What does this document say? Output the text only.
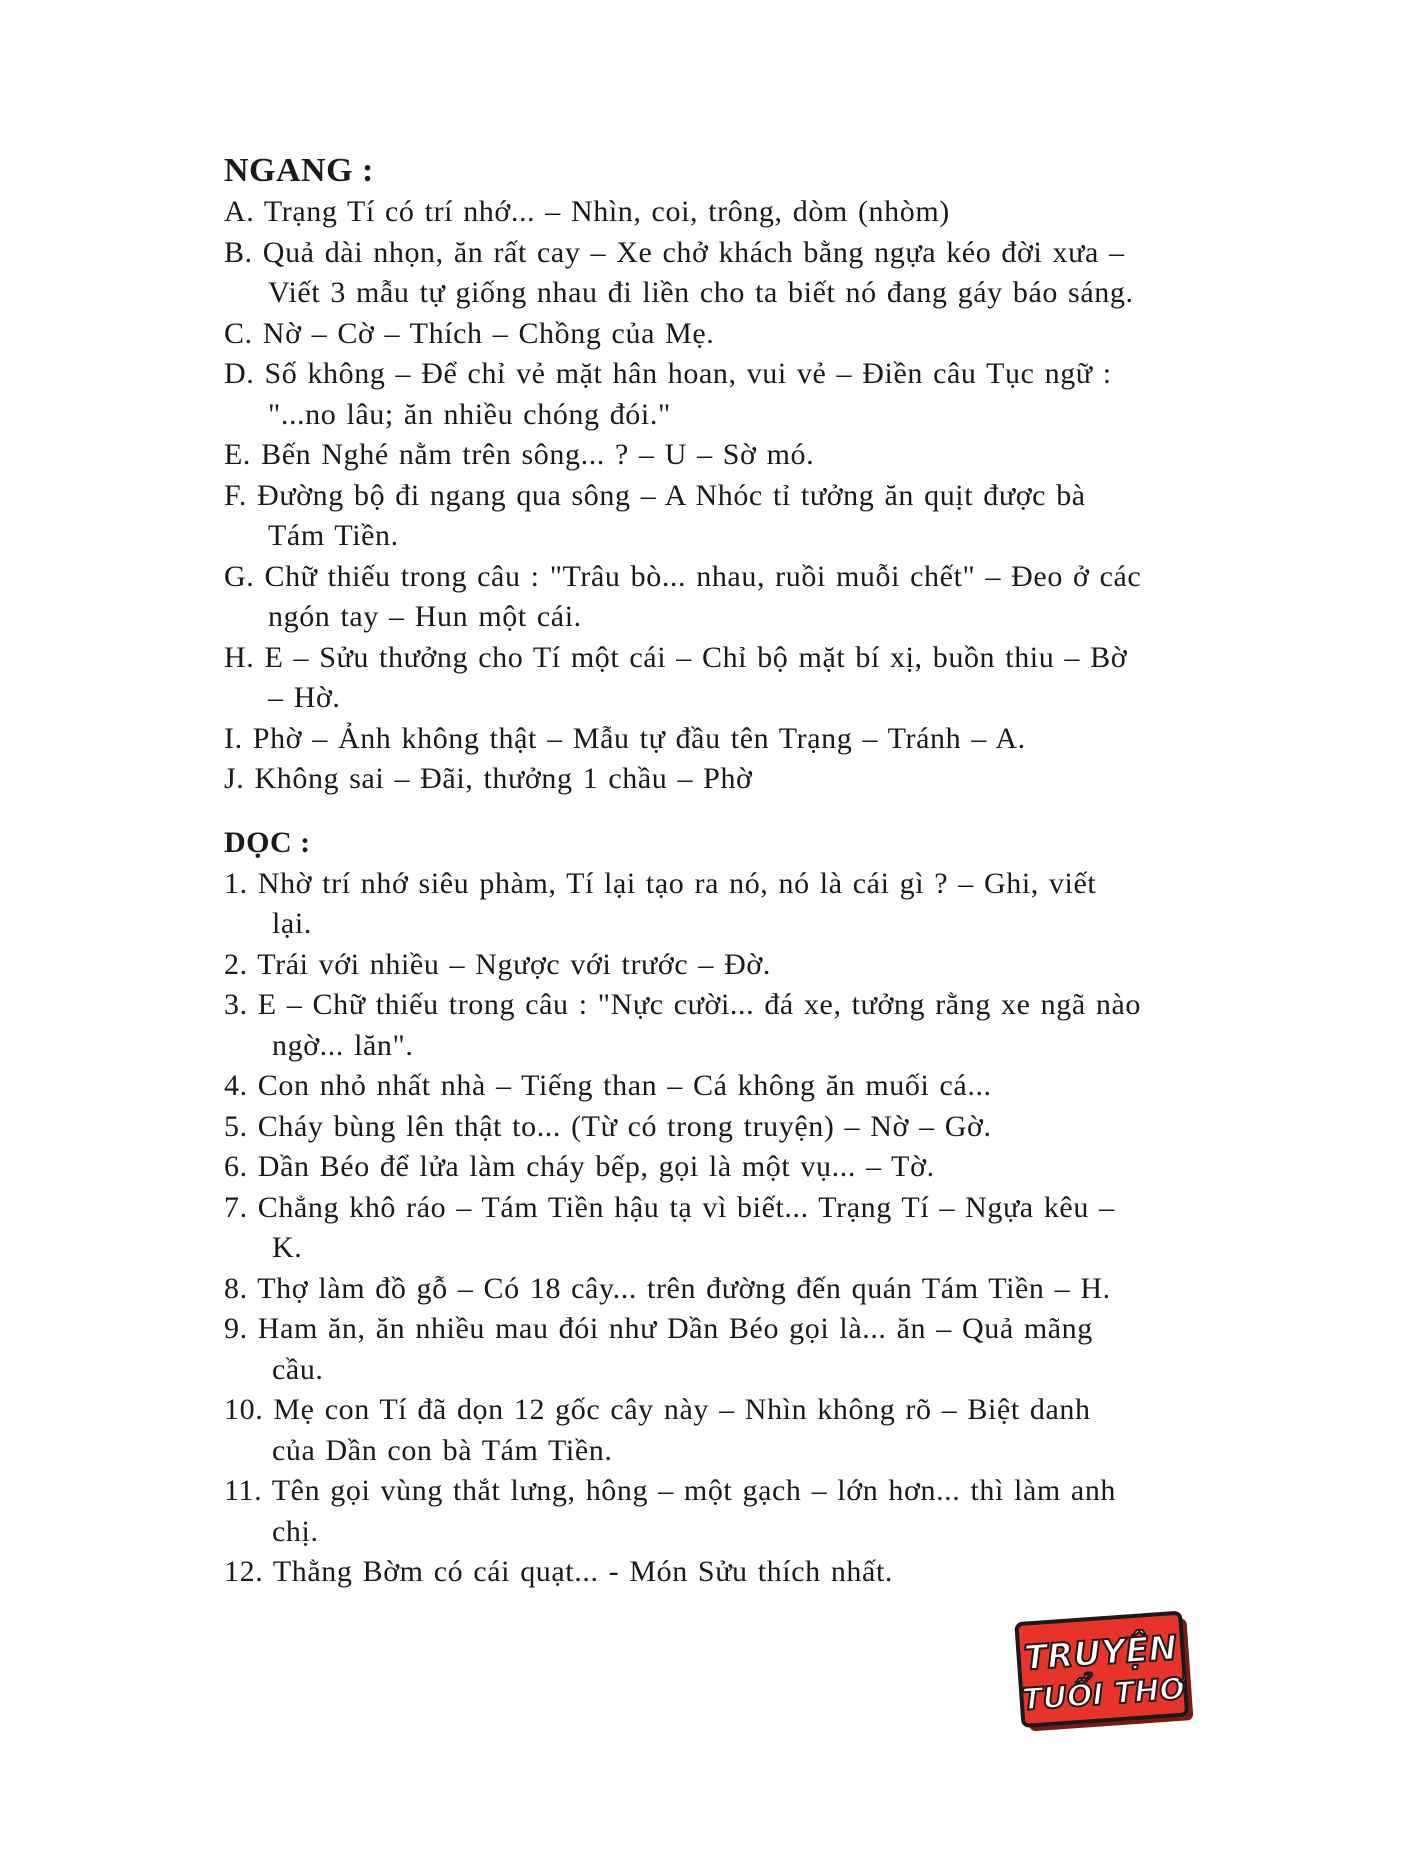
NGANG :

A. Trạng Tí có trí nhớ... – Nhìn, coi, trông, dòm (nhòm)

B. Quả dài nhọn, ăn rất cay – Xe chở khách bằng ngựa kéo đời xưa – Viết 3 mẫu tự giống nhau đi liền cho ta biết nó đang gáy báo sáng.

C. Nờ – Cờ – Thích – Chồng của Mẹ.

D. Số không – Để chỉ vẻ mặt hân hoan, vui vẻ – Điền câu Tục ngữ : "...no lâu; ăn nhiều chóng đói."

E. Bến Nghé nằm trên sông... ? – U – Sờ mó.

F. Đường bộ đi ngang qua sông – A Nhóc tỉ tưởng ăn quịt được bà Tám Tiền.

G. Chữ thiếu trong câu : "Trâu bò... nhau, ruồi muỗi chết" – Đeo ở các ngón tay – Hun một cái.

H. E – Sửu thưởng cho Tí một cái – Chỉ bộ mặt bí xị, buồn thiu – Bờ – Hờ.

I. Phờ – Ảnh không thật – Mẫu tự đầu tên Trạng – Tránh – A.

J. Không sai – Đãi, thưởng 1 chầu – Phờ

DỌC :

1. Nhờ trí nhớ siêu phàm, Tí lại tạo ra nó, nó là cái gì ? – Ghi, viết lại.

2. Trái với nhiều – Ngược với trước – Đờ.

3. E – Chữ thiếu trong câu : "Nực cười... đá xe, tưởng rằng xe ngã nào ngờ... lăn".

4. Con nhỏ nhất nhà – Tiếng than – Cá không ăn muối cá...

5. Cháy bùng lên thật to... (Từ có trong truyện) – Nờ – Gờ.

6. Dần Béo để lửa làm cháy bếp, gọi là một vụ... – Tờ.

7. Chẳng khô ráo – Tám Tiền hậu tạ vì biết... Trạng Tí – Ngựa kêu – K.

8. Thợ làm đồ gỗ – Có 18 cây... trên đường đến quán Tám Tiền – H.

9. Ham ăn, ăn nhiều mau đói như Dần Béo gọi là... ăn – Quả mãng cầu.

10. Mẹ con Tí đã dọn 12 gốc cây này – Nhìn không rõ – Biệt danh của Dần con bà Tám Tiền.

11. Tên gọi vùng thắt lưng, hông – một gạch – lớn hơn... thì làm anh chị.

12. Thằng Bờm có cái quạt... - Món Sửu thích nhất.

TRUYỆN
TUỔI THƠ
